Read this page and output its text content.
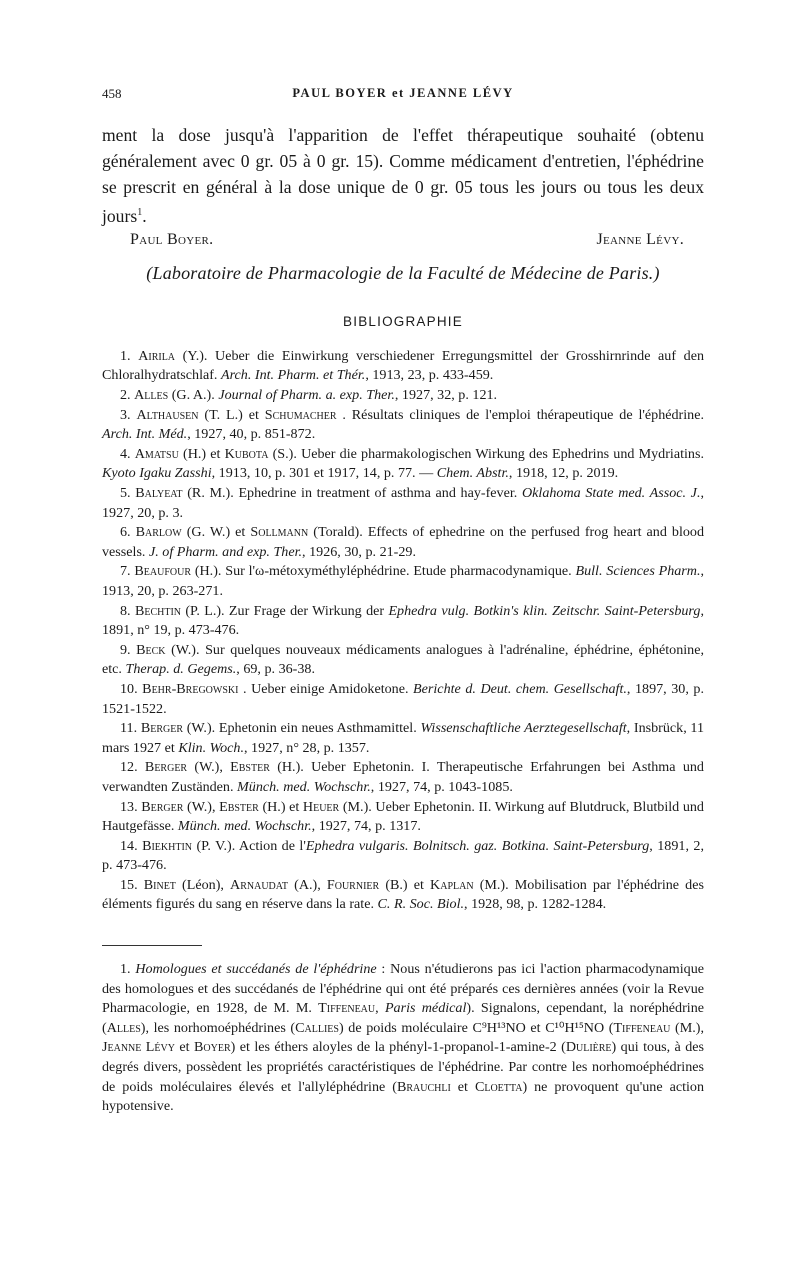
458	PAUL BOYER et JEANNE LÉVY
ment la dose jusqu'à l'apparition de l'effet thérapeutique souhaité (obtenu généralement avec 0 gr. 05 à 0 gr. 15). Comme médicament d'entretien, l'éphédrine se prescrit en général à la dose unique de 0 gr. 05 tous les jours ou tous les deux jours$^1$.
Paul Boyer.	Jeanne Lévy.
(Laboratoire de Pharmacologie de la Faculté de Médecine de Paris.)
BIBLIOGRAPHIE

1. Airila (Y.). Ueber die Einwirkung verschiedener Erregungsmittel der Grosshirnrinde auf den Chloralhydratschlaf. Arch. Int. Pharm. et Thér., 1913, 23, p. 433-459.

2. Alles (G. A.). Journal of Pharm. a. exp. Ther., 1927, 32, p. 121.

3. Althausen (T. L.) et Schumacher . Résultats cliniques de l'emploi thérapeutique de l'éphédrine. Arch. Int. Méd., 1927, 40, p. 851-872.

4. Amatsu (H.) et Kubota (S.). Ueber die pharmakologischen Wirkung des Ephedrins und Mydriatins. Kyoto Igaku Zasshi, 1913, 10, p. 301 et 1917, 14, p. 77. — Chem. Abstr., 1918, 12, p. 2019.

5. Balyeat (R. M.). Ephedrine in treatment of asthma and hay-fever. Oklahoma State med. Assoc. J., 1927, 20, p. 3.

6. Barlow (G. W.) et Sollmann (Torald). Effects of ephedrine on the perfused frog heart and blood vessels. J. of Pharm. and exp. Ther., 1926, 30, p. 21-29.

7. Beaufour (H.). Sur l'ω-métoxyméthyléphédrine. Etude pharmacodynamique. Bull. Sciences Pharm., 1913, 20, p. 263-271.

8. Bechtin (P. L.). Zur Frage der Wirkung der Ephedra vulg. Botkin's klin. Zeitschr. Saint-Petersburg, 1891, n° 19, p. 473-476.

9. Beck (W.). Sur quelques nouveaux médicaments analogues à l'adrénaline, éphédrine, éphétonine, etc. Therap. d. Gegems., 69, p. 36-38.

10. Behr-Bregowski . Ueber einige Amidoketone. Berichte d. Deut. chem. Gesellschaft., 1897, 30, p. 1521-1522.

11. Berger (W.). Ephetonin ein neues Asthmamittel. Wissenschaftliche Aerztegesellschaft, Insbrück, 11 mars 1927 et Klin. Woch., 1927, n° 28, p. 1357.

12. Berger (W.), Ebster (H.). Ueber Ephetonin. I. Therapeutische Erfahrungen bei Asthma und verwandten Zuständen. Münch. med. Wochschr., 1927, 74, p. 1043-1085.

13. Berger (W.), Ebster (H.) et Heuer (M.). Ueber Ephetonin. II. Wirkung auf Blutdruck, Blutbild und Hautgefässe. Münch. med. Wochschr., 1927, 74, p. 1317.

14. Biekhtin (P. V.). Action de l'Ephedra vulgaris. Bolnitsch. gaz. Botkina. Saint-Petersburg, 1891, 2, p. 473-476.

15. Binet (Léon), Arnaudat (A.), Fournier (B.) et Kaplan (M.). Mobilisation par l'éphédrine des éléments figurés du sang en réserve dans la rate. C. R. Soc. Biol., 1928, 98, p. 1282-1284.

1. Homologues et succédanés de l'éphédrine : Nous n'étudierons pas ici l'action pharmacodynamique des homologues et des succédanés de l'éphédrine qui ont été préparés ces dernières années (voir la Revue Pharmacologie, en 1928, de M. M. Tiffeneau, Paris médical). Signalons, cependant, la noréphédrine (Alles), les norhomoéphédrines (Callies) de poids moléculaire C⁹H¹³NO et C¹⁰H¹⁵NO (Tiffeneau (M.), Jeanne Lévy et Boyer) et les éthers aloyles de la phényl-1-propanol-1-amine-2 (Dulière) qui tous, à des degrés divers, possèdent les propriétés caractéristiques de l'éphédrine. Par contre les norhomoéphédrines de poids moléculaires élevés et l'allyléphédrine (Brauchli et Cloetta) ne provoquent qu'une action hypotensive.
